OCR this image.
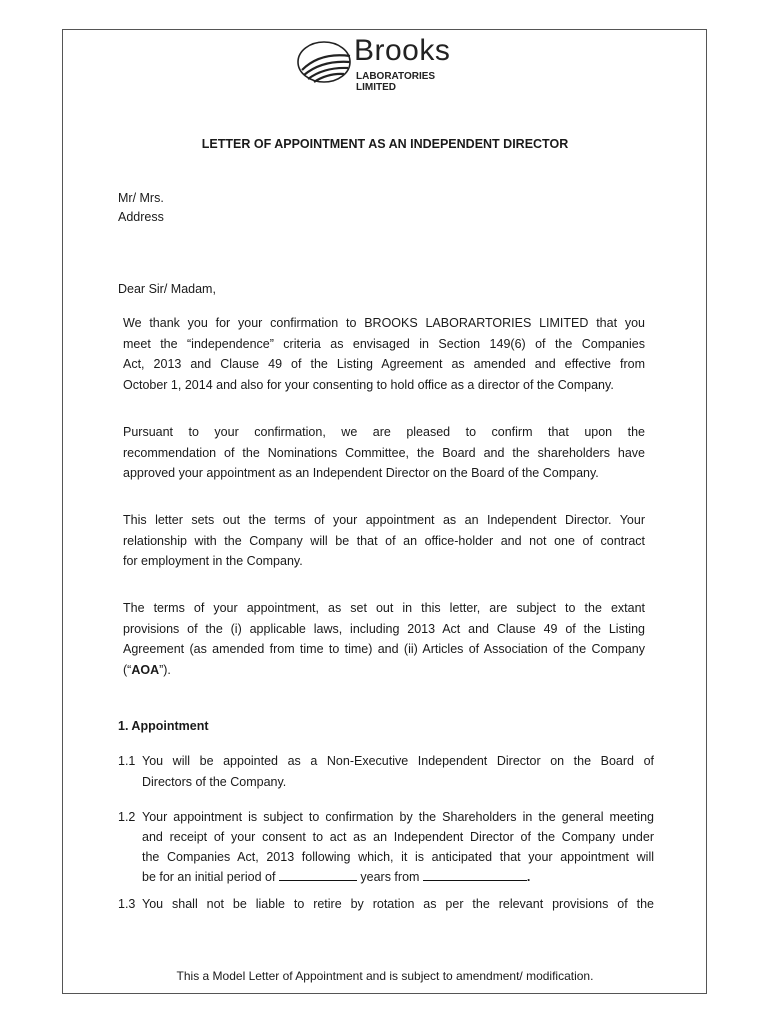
Brooks
LABORATORIES LIMITED
LETTER OF APPOINTMENT AS AN INDEPENDENT DIRECTOR
Mr/ Mrs.
Address
Dear Sir/ Madam,
We thank you for your confirmation to BROOKS LABORARTORIES LIMITED that you
meet the “independence” criteria as envisaged in Section 149(6) of the Companies
Act, 2013 and Clause 49 of the Listing Agreement as amended and effective from
October 1, 2014 and also for your consenting to hold office as a director of the Company.
Pursuant to your confirmation, we are pleased to confirm that upon the
recommendation of the Nominations Committee, the Board and the shareholders have
approved your appointment as an Independent Director on the Board of the Company.
This letter sets out the terms of your appointment as an Independent Director. Your
relationship with the Company will be that of an office-holder and not one of contract
for employment in the Company.
The terms of your appointment, as set out in this letter, are subject to the extant
provisions of the (i) applicable laws, including 2013 Act and Clause 49 of the Listing
Agreement (as amended from time to time) and (ii) Articles of Association of the Company
(“AOA”).
1. Appointment
1.1 You will be appointed as a Non-Executive Independent Director on the Board of
Directors of the Company.
1.2 Your appointment is subject to confirmation by the Shareholders in the general meeting
and receipt of your consent to act as an Independent Director of the Company under
the Companies Act, 2013 following which, it is anticipated that your appointment will
be for an initial period of	years from	.
1.3 You shall not be liable to retire by rotation as per the relevant provisions of the
This a Model Letter of Appointment and is subject to amendment/ modification.
